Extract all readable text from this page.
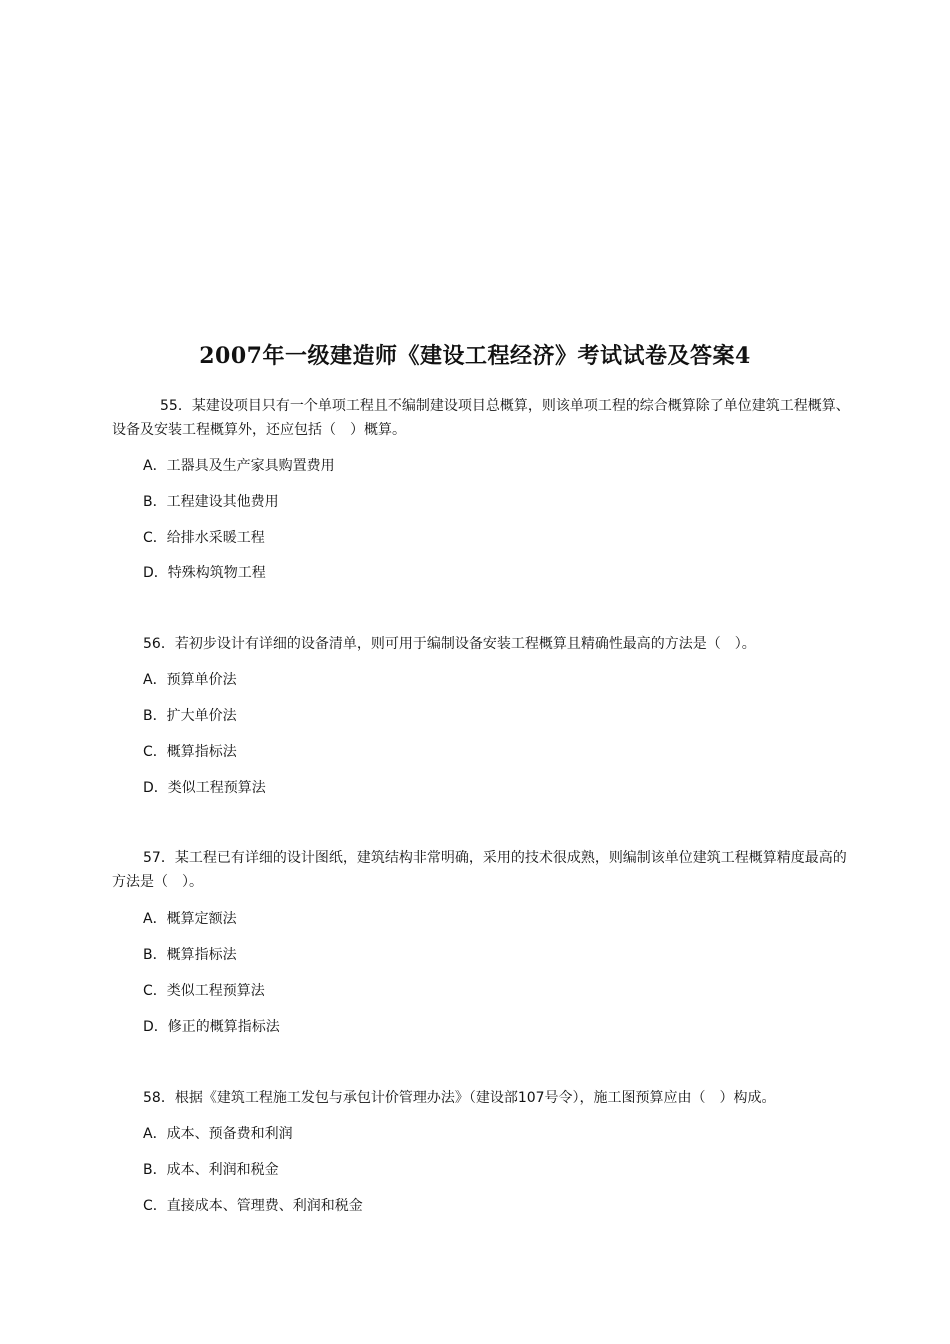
2007年一级建造师《建设工程经济》考试试卷及答案4

55．某建设项目只有一个单项工程且不编制建设项目总概算，则该单项工程的综合概算除了单位建筑工程概算、设备及安装工程概算外，还应包括（　）概算。

A．工器具及生产家具购置费用

B．工程建设其他费用

C．给排水采暖工程

D．特殊构筑物工程

56．若初步设计有详细的设备清单，则可用于编制设备安装工程概算且精确性最高的方法是（　）。

A．预算单价法

B．扩大单价法

C．概算指标法

D．类似工程预算法

57．某工程已有详细的设计图纸，建筑结构非常明确，采用的技术很成熟，则编制该单位建筑工程概算精度最高的方法是（　）。

A．概算定额法

B．概算指标法

C．类似工程预算法

D．修正的概算指标法

58．根据《建筑工程施工发包与承包计价管理办法》（建设部107号令），施工图预算应由（　）构成。

A．成本、预备费和利润

B．成本、利润和税金

C．直接成本、管理费、利润和税金
